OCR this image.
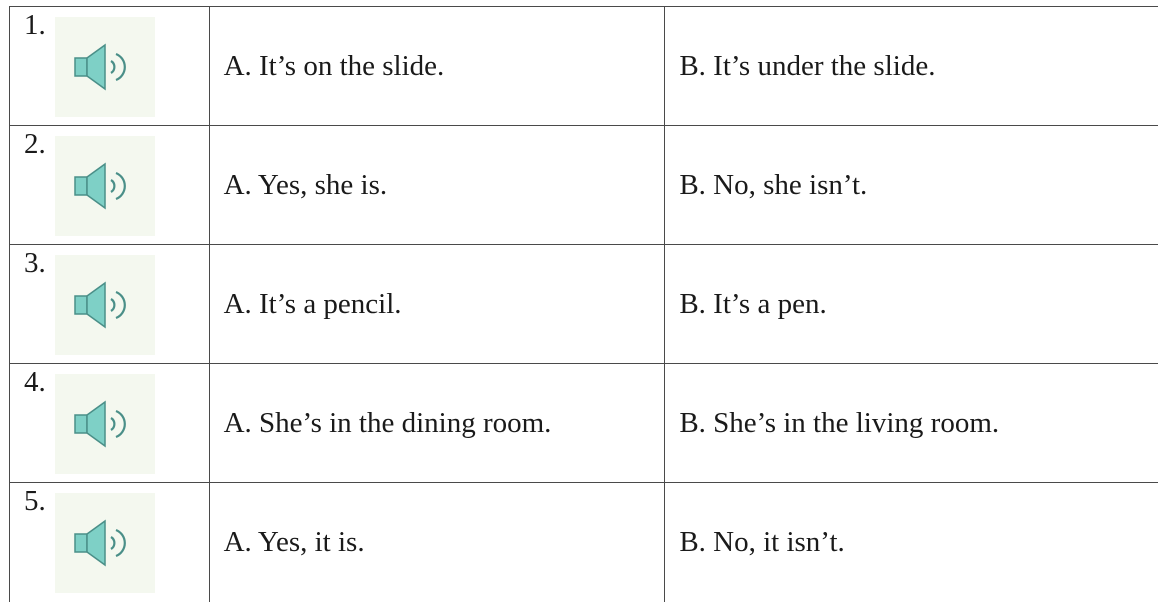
1.	A. It’s on the slide.	B. It’s under the slide.

2.	A. Yes, she is.	B. No, she isn’t.

3.	A. It’s a pencil.	B. It’s a pen.

4.	A. She’s in the dining room.	B. She’s in the living room.

5.	A. Yes, it is.	B. No, it isn’t.
